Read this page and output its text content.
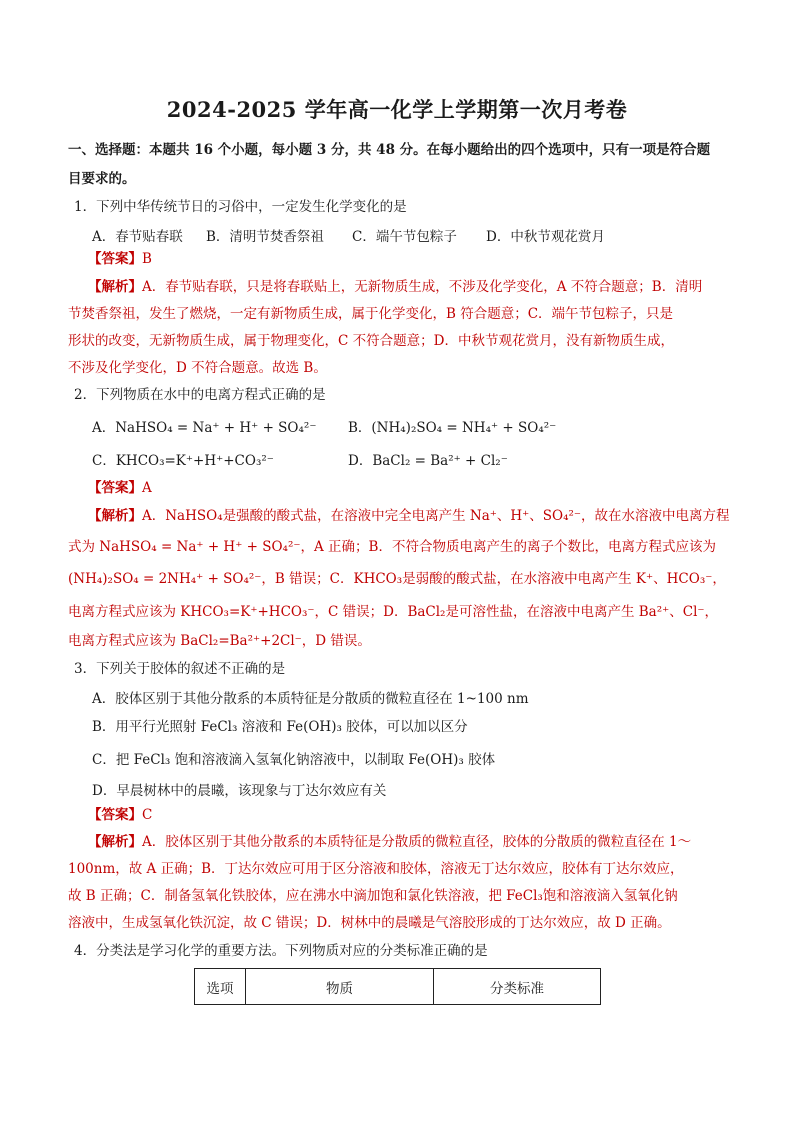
2024-2025 学年高一化学上学期第一次月考卷
一、选择题：本题共 16 个小题，每小题 3 分，共 48 分。在每小题给出的四个选项中，只有一项是符合题
目要求的。
1．下列中华传统节日的习俗中，一定发生化学变化的是
A．春节贴春联 B．清明节焚香祭祖 C．端午节包粽子 D．中秋节观花赏月
【答案】B
【解析】A．春节贴春联，只是将春联贴上，无新物质生成，不涉及化学变化，A 不符合题意；B．清明
节焚香祭祖，发生了燃烧，一定有新物质生成，属于化学变化，B 符合题意；C．端午节包粽子，只是
形状的改变，无新物质生成，属于物理变化，C 不符合题意；D．中秋节观花赏月，没有新物质生成，
不涉及化学变化，D 不符合题意。故选 B。
2．下列物质在水中的电离方程式正确的是
A．NaHSO₄ = Na⁺ + H⁺ + SO₄²⁻ B．(NH₄)₂SO₄ = NH₄⁺ + SO₄²⁻
C．KHCO₃=K⁺+H⁺+CO₃²⁻	D．BaCl₂ = Ba²⁺ + Cl₂⁻
【答案】A
【解析】A．NaHSO₄是强酸的酸式盐，在溶液中完全电离产生 Na⁺、H⁺、SO₄²⁻，故在水溶液中电离方程
式为 NaHSO₄ = Na⁺ + H⁺ + SO₄²⁻，A 正确；B．不符合物质电离产生的离子个数比，电离方程式应该为
(NH₄)₂SO₄ = 2NH₄⁺ + SO₄²⁻，B 错误；C．KHCO₃是弱酸的酸式盐，在水溶液中电离产生 K⁺、HCO₃⁻，
电离方程式应该为 KHCO₃=K⁺+HCO₃⁻，C 错误；D．BaCl₂是可溶性盐，在溶液中电离产生 Ba²⁺、Cl⁻，
电离方程式应该为 BaCl₂=Ba²⁺+2Cl⁻，D 错误。
3．下列关于胶体的叙述不正确的是
A．胶体区别于其他分散系的本质特征是分散质的微粒直径在 1~100 nm
B．用平行光照射 FeCl₃ 溶液和 Fe(OH)₃ 胶体，可以加以区分
C．把 FeCl₃ 饱和溶液滴入氢氧化钠溶液中，以制取 Fe(OH)₃ 胶体
D．早晨树林中的晨曦，该现象与丁达尔效应有关
【答案】C
【解析】A．胶体区别于其他分散系的本质特征是分散质的微粒直径，胶体的分散质的微粒直径在 1～
100nm，故 A 正确；B．丁达尔效应可用于区分溶液和胶体，溶液无丁达尔效应，胶体有丁达尔效应，
故 B 正确；C．制备氢氧化铁胶体，应在沸水中滴加饱和氯化铁溶液，把 FeCl₃饱和溶液滴入氢氧化钠
溶液中，生成氢氧化铁沉淀，故 C 错误；D．树林中的晨曦是气溶胶形成的丁达尔效应，故 D 正确。
4．分类法是学习化学的重要方法。下列物质对应的分类标准正确的是
选项	物质	分类标准
